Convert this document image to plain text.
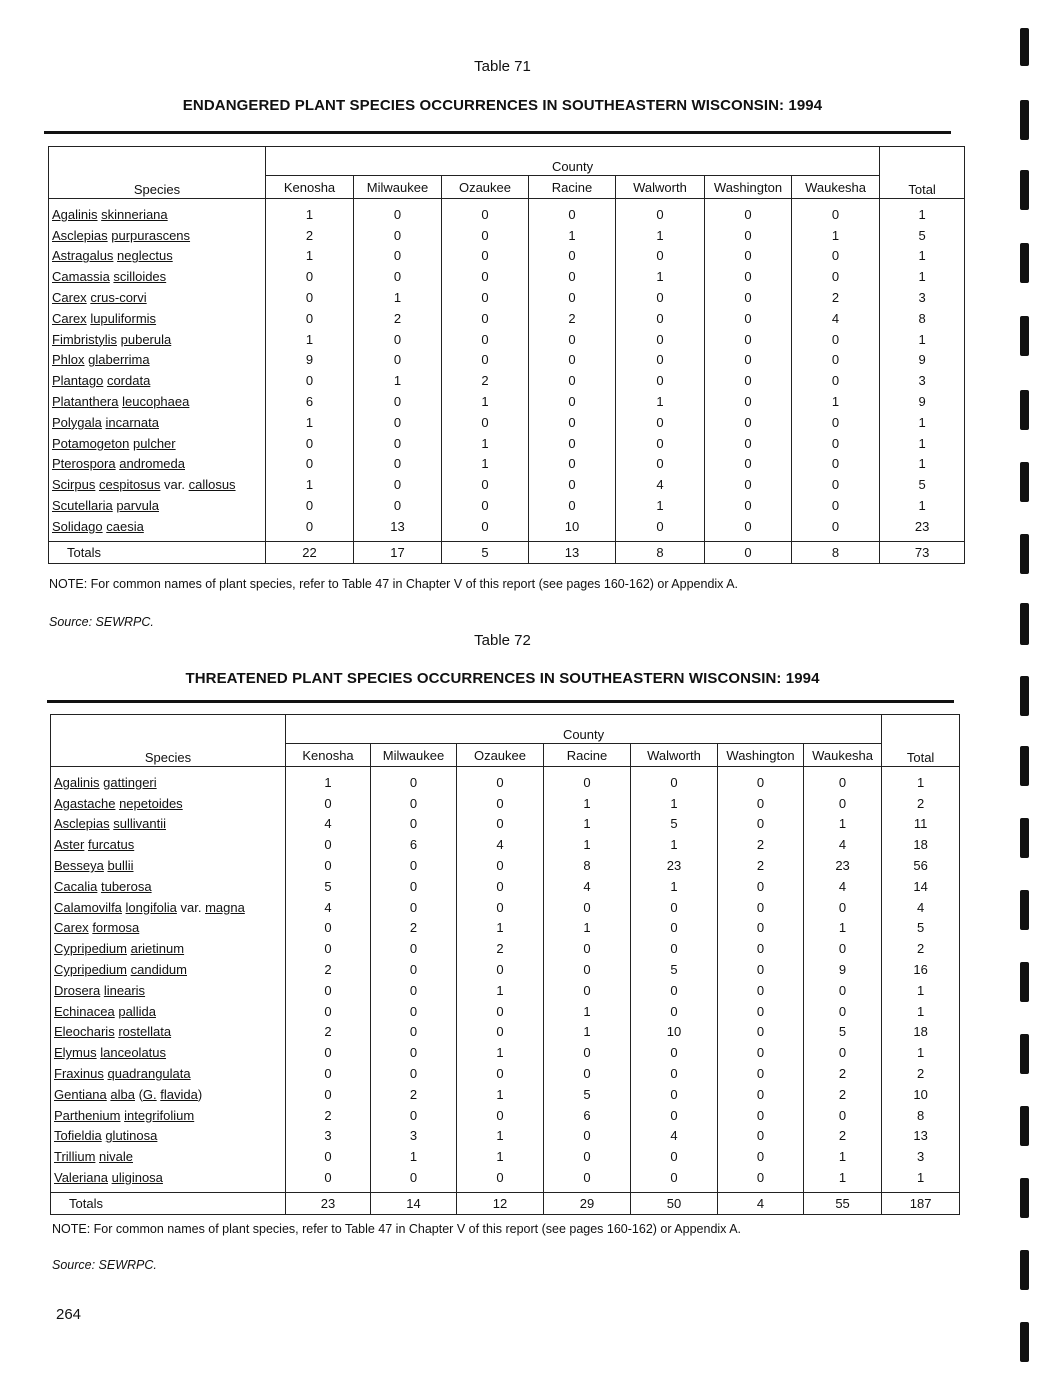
Table 71
ENDANGERED PLANT SPECIES OCCURRENCES IN SOUTHEASTERN WISCONSIN: 1994
Species	County							Total
	Kenosha	Milwaukee	Ozaukee	Racine	Walworth	Washington	Waukesha	
Agalinis skinneriana	1	0	0	0	0	0	0	1
Asclepias purpurascens	2	0	0	1	1	0	1	5
Astragalus neglectus	1	0	0	0	0	0	0	1
Camassia scilloides	0	0	0	0	1	0	0	1
Carex crus-corvi	0	1	0	0	0	0	2	3
Carex lupuliformis	0	2	0	2	0	0	4	8
Fimbristylis puberula	1	0	0	0	0	0	0	1
Phlox glaberrima	9	0	0	0	0	0	0	9
Plantago cordata	0	1	2	0	0	0	0	3
Platanthera leucophaea	6	0	1	0	1	0	1	9
Polygala incarnata	1	0	0	0	0	0	0	1
Potamogeton pulcher	0	0	1	0	0	0	0	1
Pterospora andromeda	0	0	1	0	0	0	0	1
Scirpus cespitosus var. callosus	1	0	0	0	4	0	0	5
Scutellaria parvula	0	0	0	0	1	0	0	1
Solidago caesia	0	13	0	10	0	0	0	23
Totals	22	17	5	13	8	0	8	73
NOTE: For common names of plant species, refer to Table 47 in Chapter V of this report (see pages 160-162) or Appendix A.
Source: SEWRPC.
Table 72
THREATENED PLANT SPECIES OCCURRENCES IN SOUTHEASTERN WISCONSIN: 1994
Species	County							Total
	Kenosha	Milwaukee	Ozaukee	Racine	Walworth	Washington	Waukesha	
Agalinis gattingeri	1	0	0	0	0	0	0	1
Agastache nepetoides	0	0	0	1	1	0	0	2
Asclepias sullivantii	4	0	0	1	5	0	1	11
Aster furcatus	0	6	4	1	1	2	4	18
Besseya bullii	0	0	0	8	23	2	23	56
Cacalia tuberosa	5	0	0	4	1	0	4	14
Calamovilfa longifolia var. magna	4	0	0	0	0	0	0	4
Carex formosa	0	2	1	1	0	0	1	5
Cypripedium arietinum	0	0	2	0	0	0	0	2
Cypripedium candidum	2	0	0	0	5	0	9	16
Drosera linearis	0	0	1	0	0	0	0	1
Echinacea pallida	0	0	0	1	0	0	0	1
Eleocharis rostellata	2	0	0	1	10	0	5	18
Elymus lanceolatus	0	0	1	0	0	0	0	1
Fraxinus quadrangulata	0	0	0	0	0	0	2	2
Gentiana alba (G. flavida)	0	2	1	5	0	0	2	10
Parthenium integrifolium	2	0	0	6	0	0	0	8
Tofieldia glutinosa	3	3	1	0	4	0	2	13
Trillium nivale	0	1	1	0	0	0	1	3
Valeriana uliginosa	0	0	0	0	0	0	1	1
Totals	23	14	12	29	50	4	55	187
NOTE: For common names of plant species, refer to Table 47 in Chapter V of this report (see pages 160-162) or Appendix A.
Source: SEWRPC.
264
